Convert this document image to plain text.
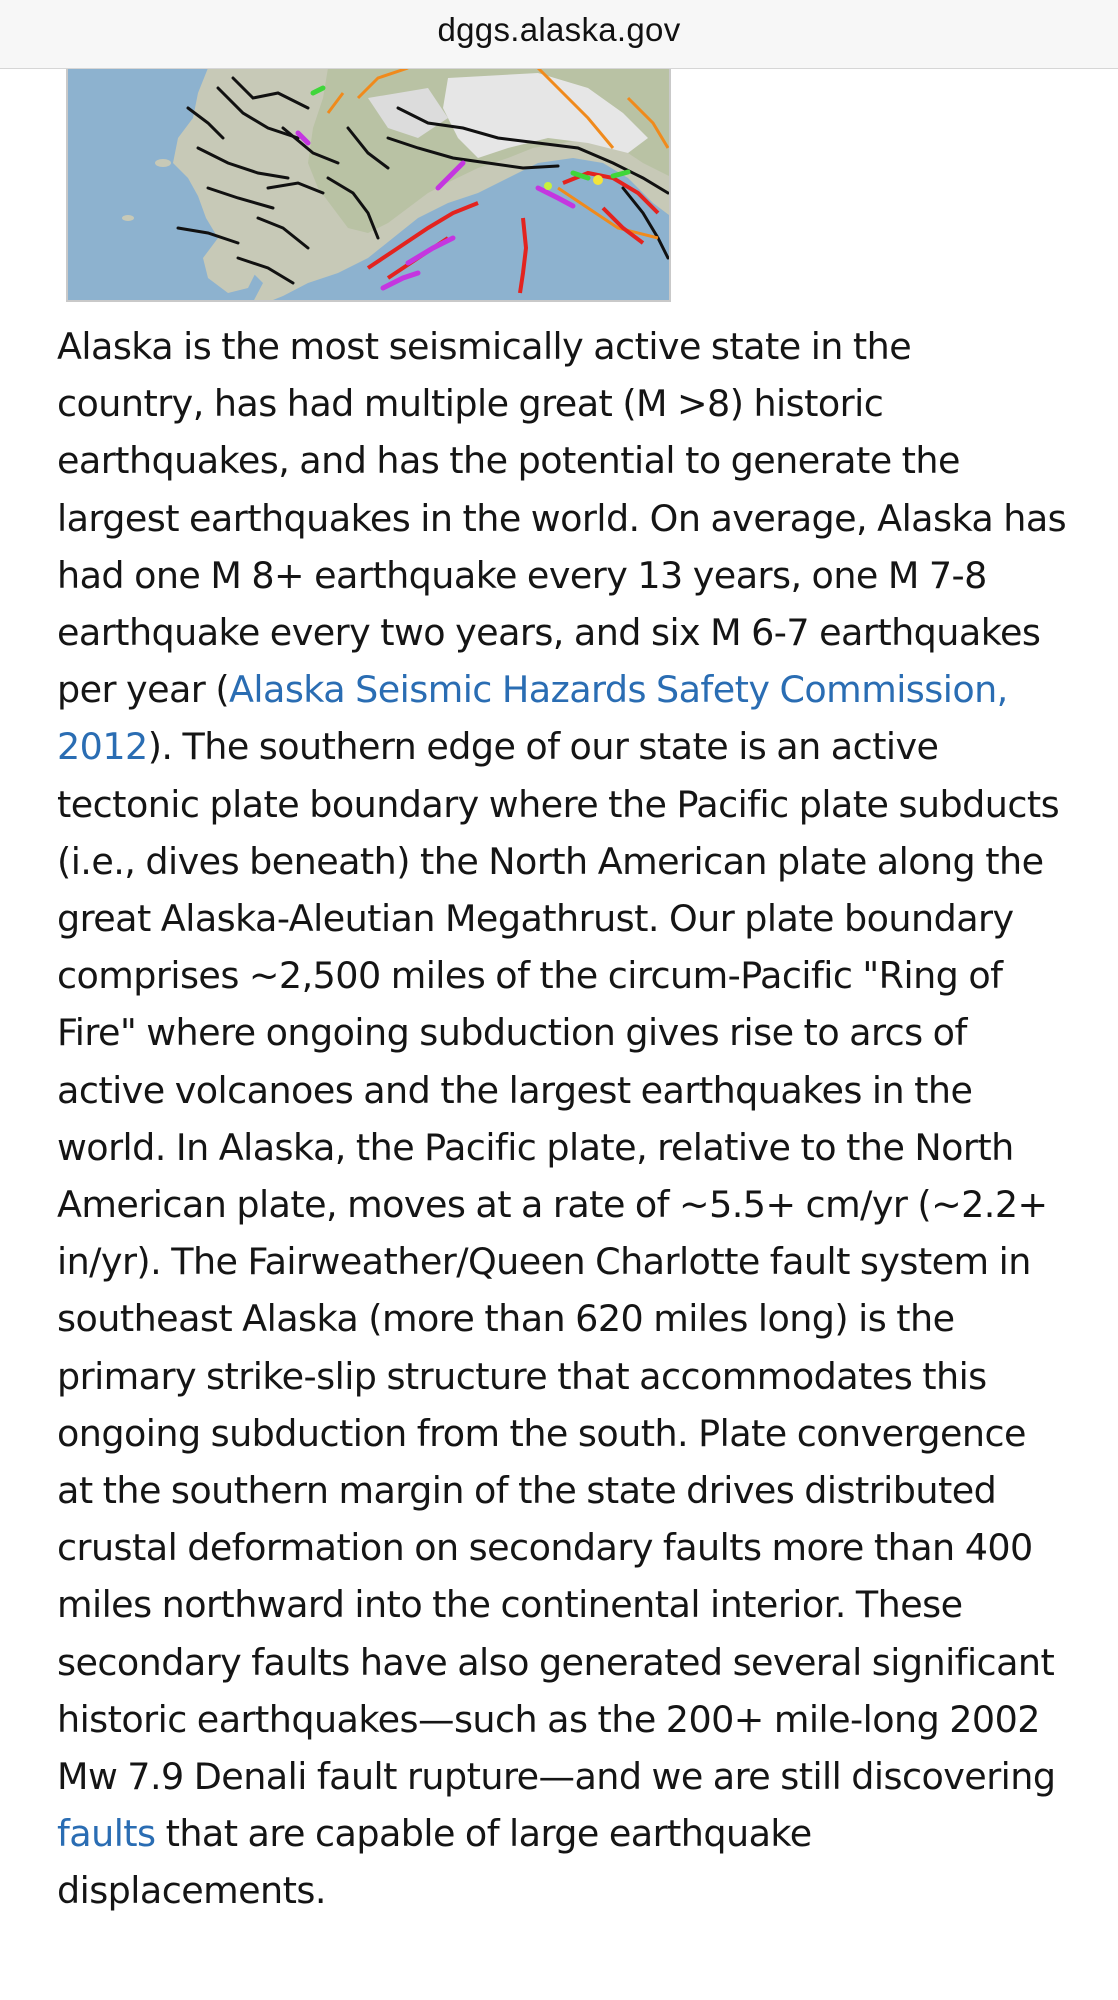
dggs.alaska.gov

Alaska is the most seismically active state in the country, has had multiple great (M >8) historic earthquakes, and has the potential to generate the largest earthquakes in the world. On average, Alaska has had one M 8+ earthquake every 13 years, one M 7-8 earthquake every two years, and six M 6-7 earthquakes per year (Alaska Seismic Hazards Safety Commission, 2012). The southern edge of our state is an active tectonic plate boundary where the Pacific plate subducts (i.e., dives beneath) the North American plate along the great Alaska-Aleutian Megathrust. Our plate boundary comprises ~2,500 miles of the circum-Pacific "Ring of Fire" where ongoing subduction gives rise to arcs of active volcanoes and the largest earthquakes in the world. In Alaska, the Pacific plate, relative to the North American plate, moves at a rate of ~5.5+ cm/yr (~2.2+ in/yr). The Fairweather/Queen Charlotte fault system in southeast Alaska (more than 620 miles long) is the primary strike-slip structure that accommodates this ongoing subduction from the south. Plate convergence at the southern margin of the state drives distributed crustal deformation on secondary faults more than 400 miles northward into the continental interior. These secondary faults have also generated several significant historic earthquakes—such as the 200+ mile-long 2002 Mw 7.9 Denali fault rupture—and we are still discovering faults that are capable of large earthquake displacements.
